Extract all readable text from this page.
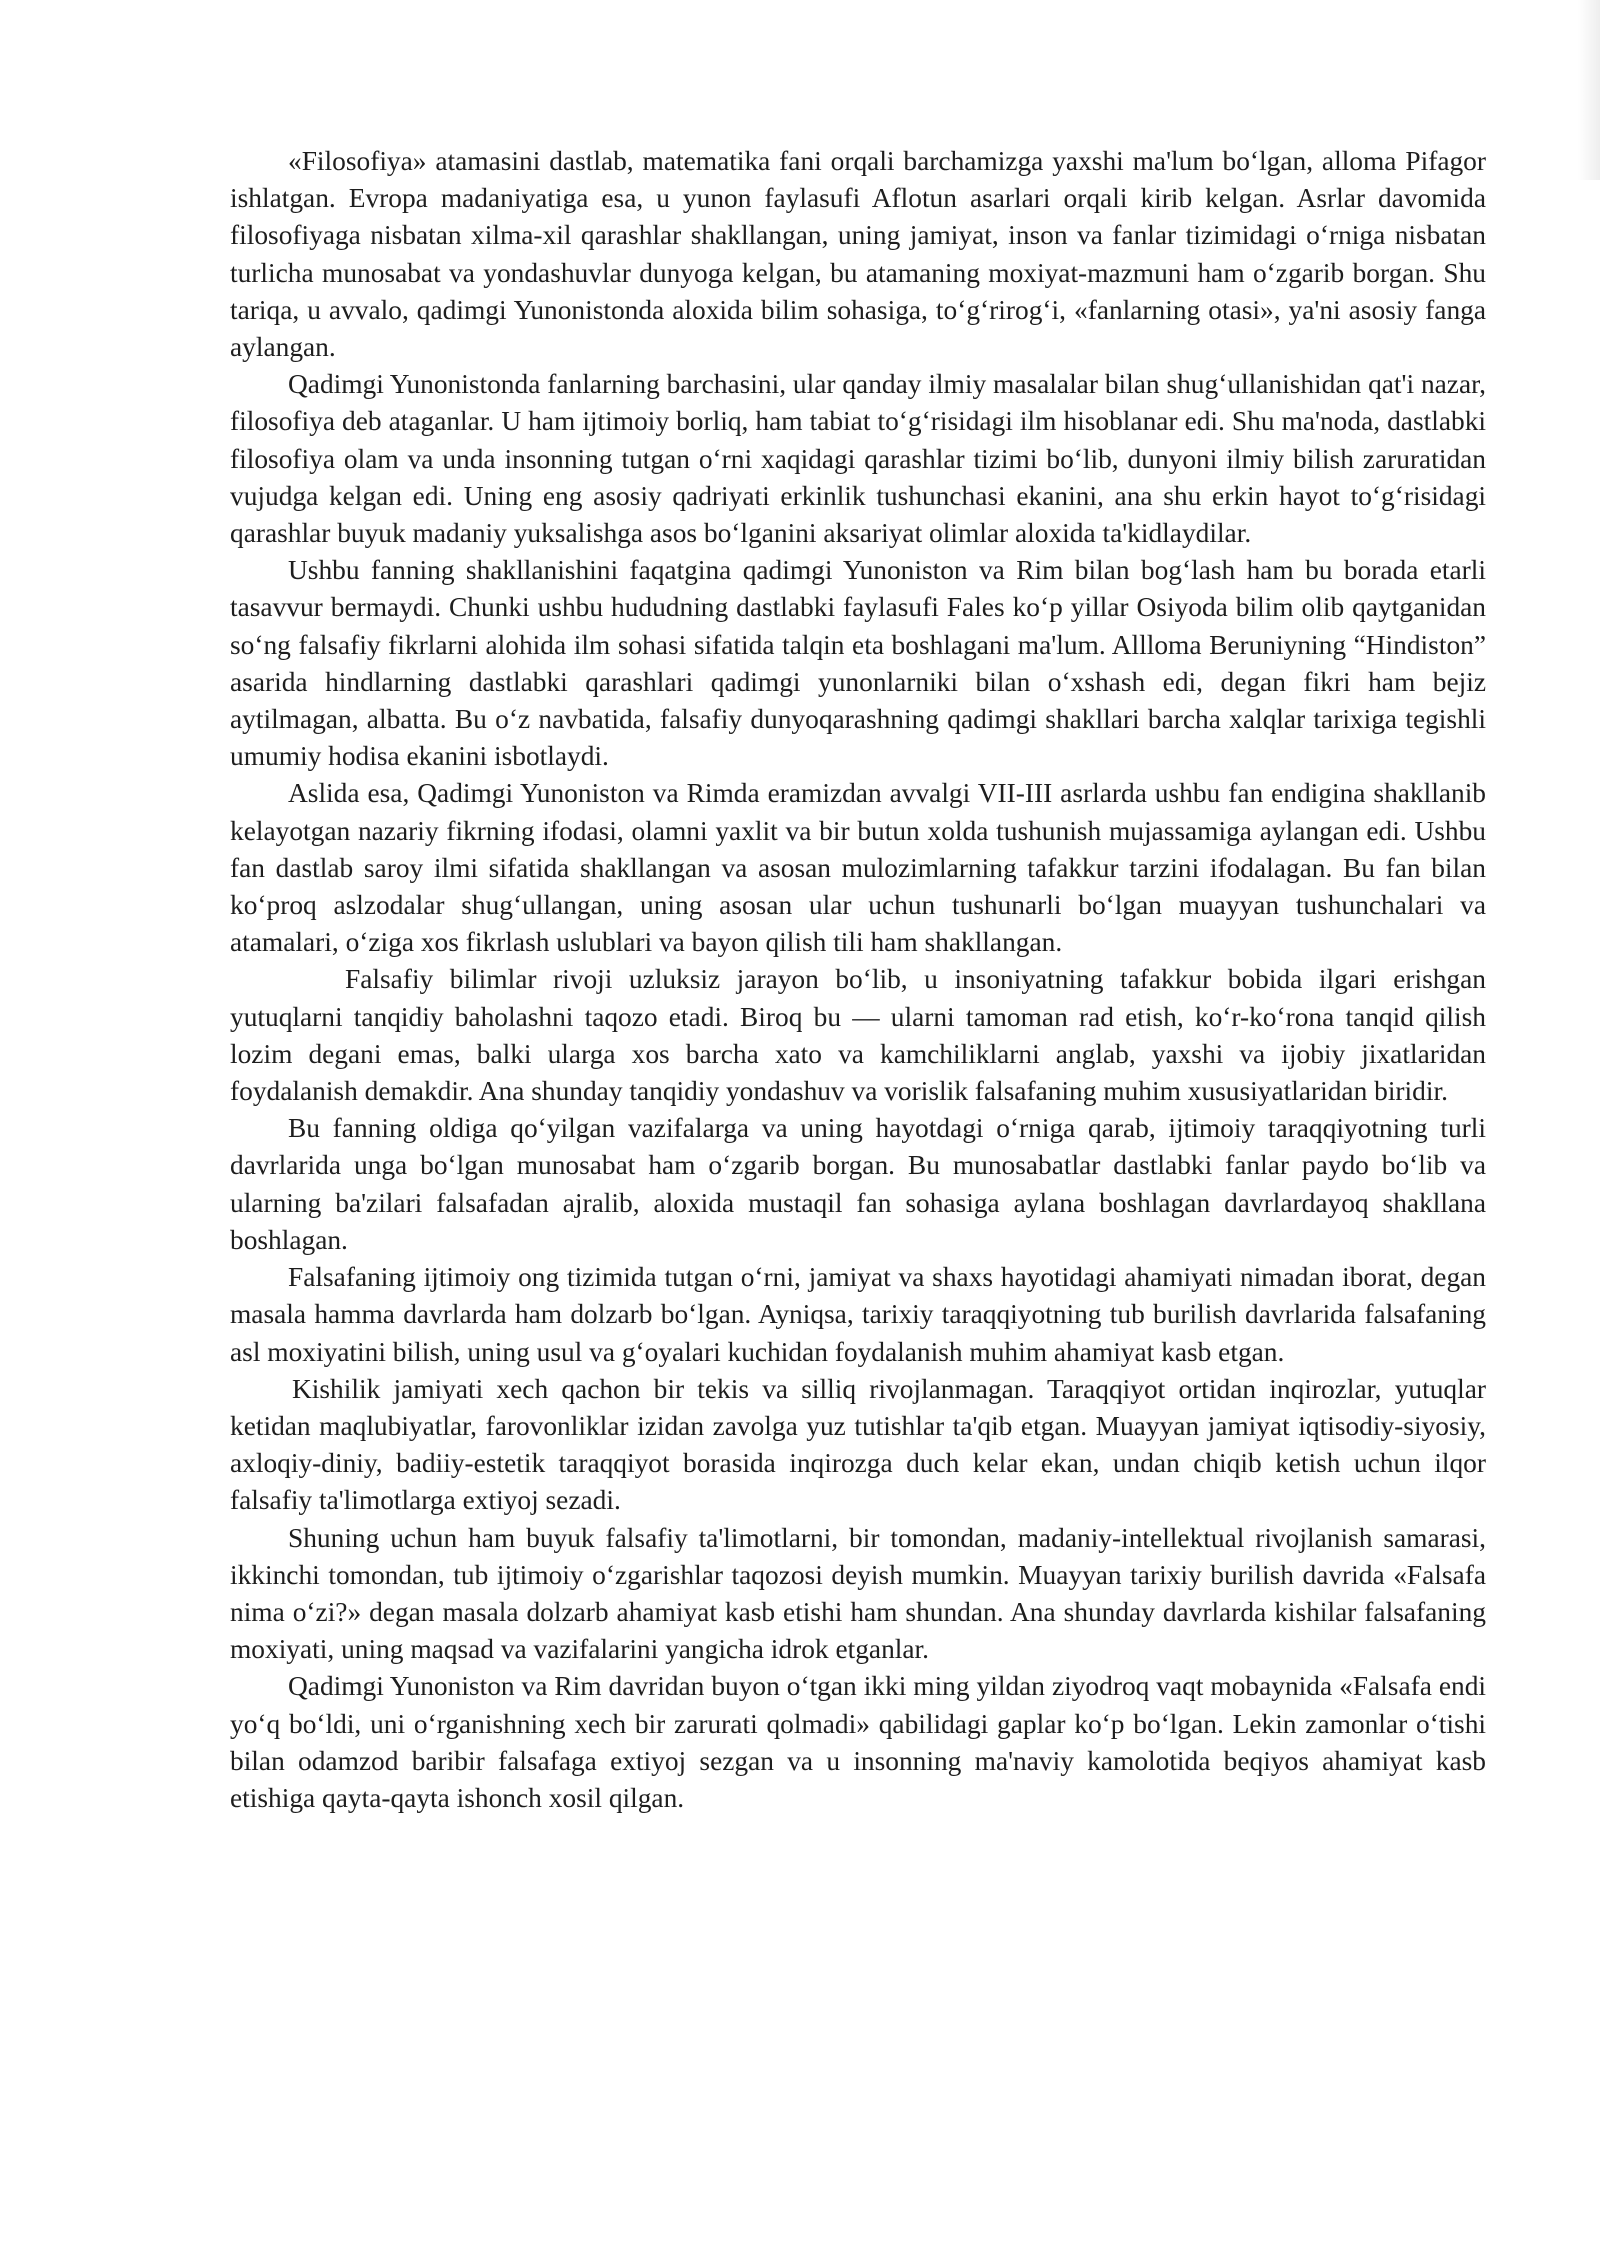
«Filosofiya» atamasini dastlab, matematika fani orqali barchamizga yaxshi ma'lum bo‘lgan, alloma Pifagor ishlatgan. Evropa madaniyatiga esa, u yunon faylasufi Aflotun asarlari orqali kirib kelgan. Asrlar davomida filosofiyaga nisbatan xilma-xil qarashlar shakllangan, uning jamiyat, inson va fanlar tizimidagi o‘rniga nisbatan turlicha munosabat va yondashuvlar dunyoga kelgan, bu atamaning moxiyat-mazmuni ham o‘zgarib borgan. Shu tariqa, u avvalo, qadimgi Yunonistonda aloxida bilim sohasiga, to‘g‘rirog‘i, «fanlarning otasi», ya'ni asosiy fanga aylangan.

Qadimgi Yunonistonda fanlarning barchasini, ular qanday ilmiy masalalar bilan shug‘ullanishidan qat'i nazar, filosofiya deb ataganlar. U ham ijtimoiy borliq, ham tabiat to‘g‘risidagi ilm hisoblanar edi. Shu ma'noda, dastlabki filosofiya olam va unda insonning tutgan o‘rni xaqidagi qarashlar tizimi bo‘lib, dunyoni ilmiy bilish zaruratidan vujudga kelgan edi. Uning eng asosiy qadriyati erkinlik tushunchasi ekanini, ana shu erkin hayot to‘g‘risidagi qarashlar buyuk madaniy yuksalishga asos bo‘lganini aksariyat olimlar aloxida ta'kidlaydilar.

Ushbu fanning shakllanishini faqatgina qadimgi Yunoniston va Rim bilan bog‘lash ham bu borada etarli tasavvur bermaydi. Chunki ushbu hududning dastlabki faylasufi Fales ko‘p yillar Osiyoda bilim olib qaytganidan so‘ng falsafiy fikrlarni alohida ilm sohasi sifatida talqin eta boshlagani ma'lum. Allloma Beruniyning “Hindiston” asarida hindlarning dastlabki qarashlari qadimgi yunonlarniki bilan o‘xshash edi, degan fikri ham bejiz aytilmagan, albatta. Bu o‘z navbatida, falsafiy dunyoqarashning qadimgi shakllari barcha xalqlar tarixiga tegishli umumiy hodisa ekanini isbotlaydi.

Aslida esa, Qadimgi Yunoniston va Rimda eramizdan avvalgi VII-III asrlarda ushbu fan endigina shakllanib kelayotgan nazariy fikrning ifodasi, olamni yaxlit va bir butun xolda tushunish mujassamiga aylangan edi. Ushbu fan dastlab saroy ilmi sifatida shakllangan va asosan mulozimlarning tafakkur tarzini ifodalagan. Bu fan bilan ko‘proq aslzodalar shug‘ullangan, uning asosan ular uchun tushunarli bo‘lgan muayyan tushunchalari va atamalari, o‘ziga xos fikrlash uslublari va bayon qilish tili ham shakllangan.

Falsafiy bilimlar rivoji uzluksiz jarayon bo‘lib, u insoniyatning tafakkur bobida ilgari erishgan yutuqlarni tanqidiy baholashni taqozo etadi. Biroq bu — ularni tamoman rad etish, ko‘r-ko‘rona tanqid qilish lozim degani emas, balki ularga xos barcha xato va kamchiliklarni anglab, yaxshi va ijobiy jixatlaridan foydalanish demakdir. Ana shunday tanqidiy yondashuv va vorislik falsafaning muhim xususiyatlaridan biridir.

Bu fanning oldiga qo‘yilgan vazifalarga va uning hayotdagi o‘rniga qarab, ijtimoiy taraqqiyotning turli davrlarida unga bo‘lgan munosabat ham o‘zgarib borgan. Bu munosabatlar dastlabki fanlar paydo bo‘lib va ularning ba'zilari falsafadan ajralib, aloxida mustaqil fan sohasiga aylana boshlagan davrlardayoq shakllana boshlagan.

Falsafaning ijtimoiy ong tizimida tutgan o‘rni, jamiyat va shaxs hayotidagi ahamiyati nimadan iborat, degan masala hamma davrlarda ham dolzarb bo‘lgan. Ayniqsa, tarixiy taraqqiyotning tub burilish davrlarida falsafaning asl moxiyatini bilish, uning usul va g‘oyalari kuchidan foydalanish muhim ahamiyat kasb etgan.

Kishilik jamiyati xech qachon bir tekis va silliq rivojlanmagan. Taraqqiyot ortidan inqirozlar, yutuqlar ketidan maqlubiyatlar, farovonliklar izidan zavolga yuz tutishlar ta'qib etgan. Muayyan jamiyat iqtisodiy-siyosiy, axloqiy-diniy, badiiy-estetik taraqqiyot borasida inqirozga duch kelar ekan, undan chiqib ketish uchun ilqor falsafiy ta'limotlarga extiyoj sezadi.

Shuning uchun ham buyuk falsafiy ta'limotlarni, bir tomondan, madaniy-intellektual rivojlanish samarasi, ikkinchi tomondan, tub ijtimoiy o‘zgarishlar taqozosi deyish mumkin. Muayyan tarixiy burilish davrida «Falsafa nima o‘zi?» degan masala dolzarb ahamiyat kasb etishi ham shundan. Ana shunday davrlarda kishilar falsafaning moxiyati, uning maqsad va vazifalarini yangicha idrok etganlar.

Qadimgi Yunoniston va Rim davridan buyon o‘tgan ikki ming yildan ziyodroq vaqt mobaynida «Falsafa endi yo‘q bo‘ldi, uni o‘rganishning xech bir zarurati qolmadi» qabilidagi gaplar ko‘p bo‘lgan. Lekin zamonlar o‘tishi bilan odamzod baribir falsafaga extiyoj sezgan va u insonning ma'naviy kamolotida beqiyos ahamiyat kasb etishiga qayta-qayta ishonch xosil qilgan.
